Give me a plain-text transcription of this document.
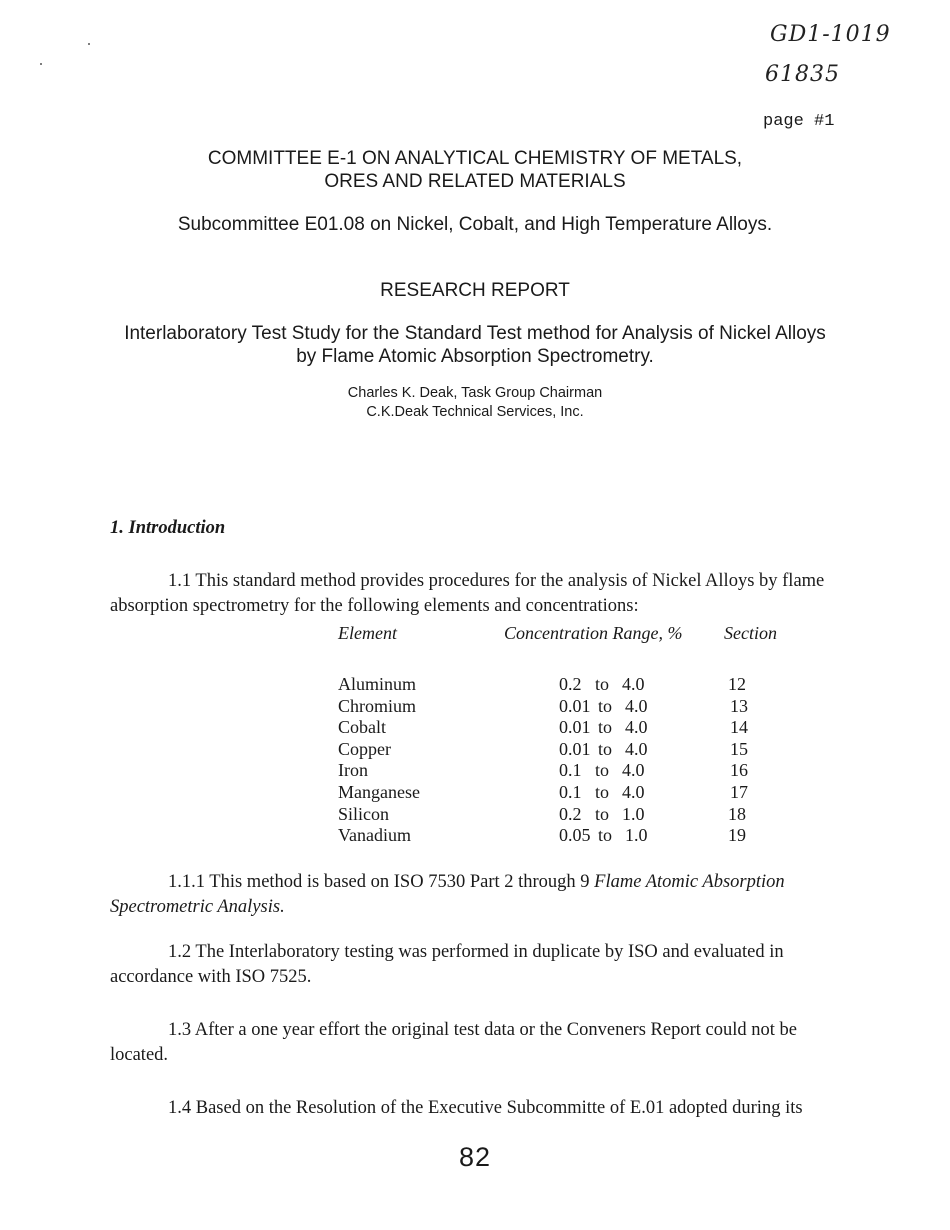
GD1-1019
61835
page #1
COMMITTEE E-1 ON ANALYTICAL CHEMISTRY OF METALS,
ORES AND RELATED MATERIALS
Subcommittee E01.08 on Nickel, Cobalt, and High Temperature Alloys.
RESEARCH REPORT
Interlaboratory Test Study for the Standard Test method for Analysis of Nickel Alloys
by Flame Atomic Absorption Spectrometry.
Charles K. Deak, Task Group Chairman
C.K.Deak Technical Services, Inc.
1. Introduction
1.1 This standard method provides procedures for the analysis of Nickel Alloys by flame absorption spectrometry for the following elements and concentrations:
Element	Concentration Range, % Section
Aluminum	0.2 to 4.0	12
Chromium	0.01 to 4.0	13
Cobalt	0.01 to 4.0	14
Copper	0.01 to 4.0	15
Iron	0.1 to 4.0	16
Manganese	0.1 to 4.0	17
Silicon	0.2 to 1.0	18
Vanadium	0.05 to 1.0	19
1.1.1 This method is based on ISO 7530 Part 2 through 9 Flame Atomic Absorption Spectrometric Analysis.
1.2 The Interlaboratory testing was performed in duplicate by ISO and evaluated in accordance with ISO 7525.
1.3 After a one year effort the original test data or the Conveners Report could not be located.
1.4 Based on the Resolution of the Executive Subcommitte of E.01 adopted during its
82
